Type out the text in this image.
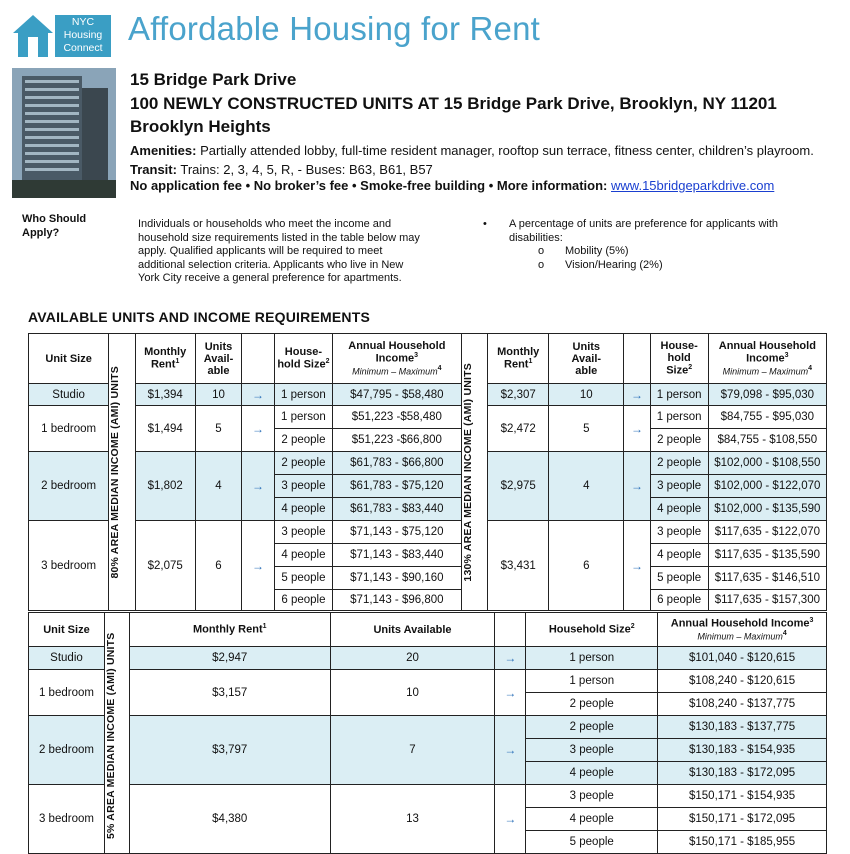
NYC
Housing
Connect
Affordable Housing for Rent
15 Bridge Park Drive
100 NEWLY CONSTRUCTED UNITS AT 15 Bridge Park Drive, Brooklyn, NY 11201
Brooklyn Heights
Amenities: Partially attended lobby, full-time resident manager, rooftop sun terrace, fitness center, children’s playroom.
Transit: Trains: 2, 3, 4, 5, R, - Buses: B63, B61, B57
No application fee • No broker’s fee • Smoke-free building • More information: www.15bridgeparkdrive.com
Who Should
Apply?
Individuals or households who meet the income and household size requirements listed in the table below may apply. Qualified applicants will be required to meet additional selection criteria. Applicants who live in New York City receive a general preference for apartments.
• A percentage of units are preference for applicants with disabilities:
o Mobility (5%)
o Vision/Hearing (2%)
AVAILABLE UNITS AND INCOME REQUIREMENTS
Unit Size	80% AREA MEDIAN INCOME (AMI) UNITS	Monthly
Rent$^1$	Units
Avail-
able		House-
hold Size$^2$	Annual Household
Income$^3$
Minimum – Maximum$^4$	130% AREA MEDIAN INCOME (AMI) UNITS	Monthly
Rent$^1$	Units
Avail-
able		House-
hold
Size$^2$	Annual Household
Income$^3$
Minimum – Maximum$^4$
Studio		$1,394	10	→	1 person	$47,795 - $58,480		$2,307	10	→	1 person	$79,098 - $95,030
1 bedroom		$1,494	5	→	1 person	$51,223 -$58,480		$2,472	5	→	1 person	$84,755 - $95,030
					2 people	$51,223 -$66,800					2 people	$84,755 - $108,550
2 bedroom		$1,802	4	→	2 people	$61,783 - $66,800		$2,975	4	→	2 people	$102,000 - $108,550
					3 people	$61,783 - $75,120					3 people	$102,000 - $122,070
					4 people	$61,783 - $83,440					4 people	$102,000 - $135,590
3 bedroom		$2,075	6	→	3 people	$71,143 - $75,120		$3,431	6	→	3 people	$117,635 - $122,070
					4 people	$71,143 - $83,440					4 people	$117,635 - $135,590
					5 people	$71,143 - $90,160					5 people	$117,635 - $146,510
					6 people	$71,143 - $96,800					6 people	$117,635 - $157,300
Unit Size	5% AREA MEDIAN INCOME (AMI) UNITS	Monthly Rent$^1$	Units Available		Household Size$^2$	Annual Household Income$^3$
Minimum – Maximum$^4$
Studio		$2,947	20	→	1 person	$101,040 - $120,615
1 bedroom		$3,157	10	→	1 person	$108,240 - $120,615
					2 people	$108,240 - $137,775
2 bedroom		$3,797	7	→	2 people	$130,183 - $137,775
					3 people	$130,183 - $154,935
					4 people	$130,183 - $172,095
3 bedroom		$4,380	13	→	3 people	$150,171 - $154,935
					4 people	$150,171 - $172,095
					5 people	$150,171 - $185,955
